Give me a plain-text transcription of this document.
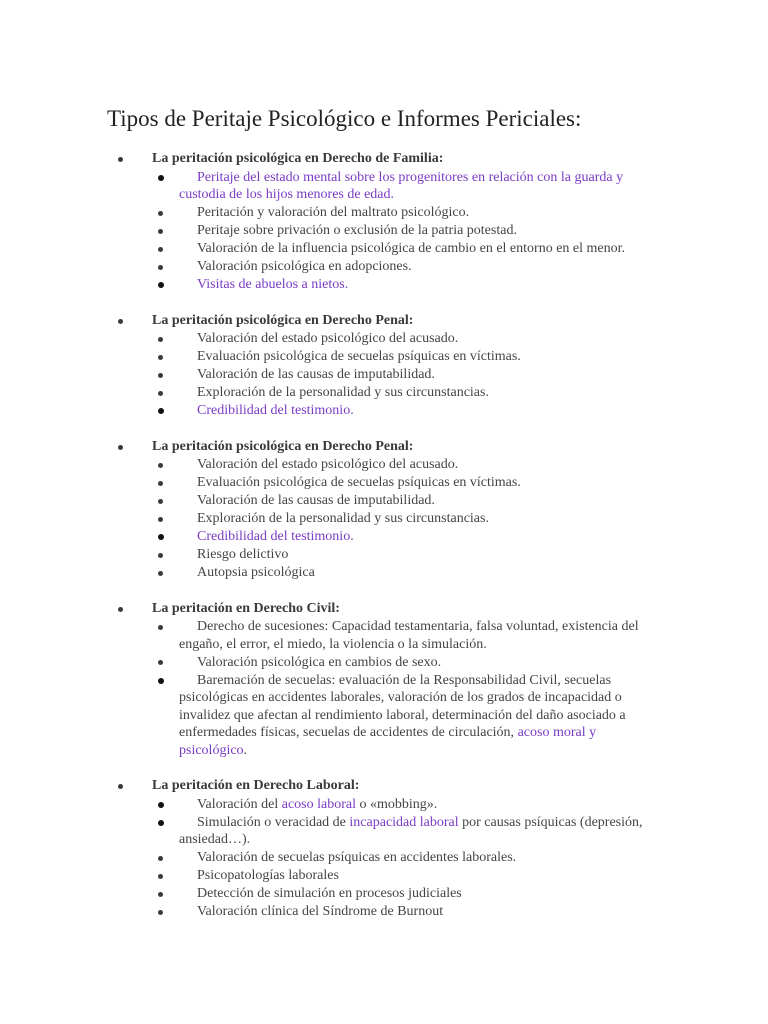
Tipos de Peritaje Psicológico e Informes Periciales:
La peritación psicológica en Derecho de Familia:
Peritaje del estado mental sobre los progenitores en relación con la guarda y custodia de los hijos menores de edad.
Peritación y valoración del maltrato psicológico.
Peritaje sobre privación o exclusión de la patria potestad.
Valoración de la influencia psicológica de cambio en el entorno en el menor.
Valoración psicológica en adopciones.
Visitas de abuelos a nietos.
La peritación psicológica en Derecho Penal:
Valoración del estado psicológico del acusado.
Evaluación psicológica de secuelas psíquicas en víctimas.
Valoración de las causas de imputabilidad.
Exploración de la personalidad y sus circunstancias.
Credibilidad del testimonio.
La peritación psicológica en Derecho Penal:
Valoración del estado psicológico del acusado.
Evaluación psicológica de secuelas psíquicas en víctimas.
Valoración de las causas de imputabilidad.
Exploración de la personalidad y sus circunstancias.
Credibilidad del testimonio.
Riesgo delictivo
Autopsia psicológica
La peritación en Derecho Civil:
Derecho de sucesiones: Capacidad testamentaria, falsa voluntad, existencia del engaño, el error, el miedo, la violencia o la simulación.
Valoración psicológica en cambios de sexo.
Baremación de secuelas: evaluación de la Responsabilidad Civil, secuelas psicológicas en accidentes laborales, valoración de los grados de incapacidad o invalidez que afectan al rendimiento laboral, determinación del daño asociado a enfermedades físicas, secuelas de accidentes de circulación, acoso moral y psicológico.
La peritación en Derecho Laboral:
Valoración del acoso laboral o «mobbing».
Simulación o veracidad de incapacidad laboral por causas psíquicas (depresión, ansiedad…).
Valoración de secuelas psíquicas en accidentes laborales.
Psicopatologías laborales
Detección de simulación en procesos judiciales
Valoración clínica del Síndrome de Burnout
